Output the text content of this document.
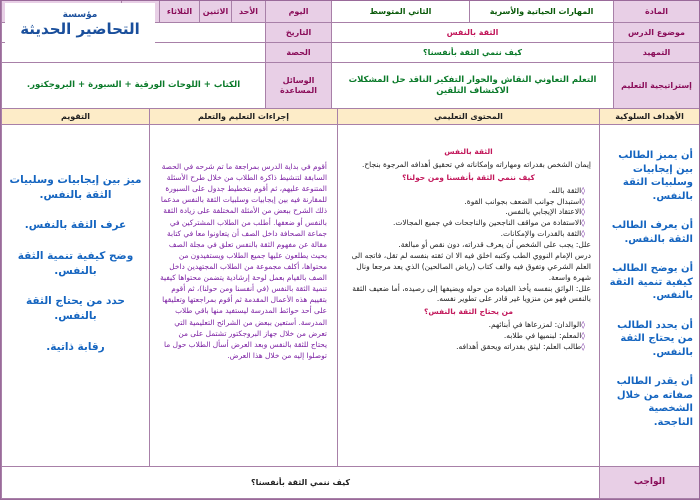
المادة
المهارات الحياتية والأسرية
الثاني المتوسط
اليوم
الأحد
الاثنين
الثلاثاء
موضوع الدرس
الثقة بالنفس
التاريخ
التمهيد
كيف ننمي الثقة بأنفسنا؟
الحصة
إستراتيجية التعليم
التعلم التعاوني النقاش والحوار التفكير الناقد حل المشكلات الاكتشاف التلقين
الوسائل المساعدة
الكتاب + اللوحات الورقية + السبورة + البروجكتور.
الأهداف السلوكية
المحتوى التعليمي
إجراءات التعليم والتعلم
التقويم

أن يميز الطالب بين إيجابيات وسلبيات الثقة بالنفس.

أن يعرف الطالب الثقة بالنفس.

أن يوضح الطالب كيفية تنمية الثقة بالنفس.

أن يحدد الطالب من يحتاج الثقة بالنفس.

أن يقدر الطالب صفاته من خلال الشخصية الناجحة.

الثقة بالنفس
إيمان الشخص بقدراته ومهاراته وإمكاناته في تحقيق أهدافه المرجوة بنجاح.
كيف ننمي الثقة بأنفسنا ومن حولنا؟
◊ الثقة بالله.
◊ استبدال جوانب الضعف بجوانب القوة.
◊ الاعتقاد الإيجابي بالنفس.
◊ الاستفادة من مواقف الناجحين والناجحات في جميع المجالات.
◊ الثقة بالقدرات والإمكانات.
علل: يجب على الشخص أن يعرف قدراته، دون نقص أو مبالغة.
درس الإمام النووي الطب وكتبه اخلق فيه الا ان ثقته بنفسه لم تقل، فاتجه الى العلم الشرعي وتفوق فيه والف كتاب (رياض الصالحين) الذي يعد مرجعا ونال شهرة واسعة.
علل: الواثق بنفسه يأخذ القيادة من حوله ويضيفها إلى رصيده، أما ضعيف الثقة بالنفس فهو من منزويا غير قادر على تطوير نفسه.
من يحتاج الثقة بالنفس؟
◊ الوالدان: لمزرعاها في أبنائهم.
◊ المعلم: لبنميها في طلابه.
◊ طالب العلم: ليثق بقدراته ويحقق أهدافه.
أقوم في بداية الدرس بمراجعة ما تم شرحه في الحصة السابقة لتنشيط ذاكرة الطلاب من خلال طرح الأسئلة المتنوعة عليهم، ثم أقوم بتخطيط جدول على السبورة للمقارنة فيه بين إيجابيات وسلبيات الثقة بالنفس مدعما ذلك الشرح ببعض من الأمثلة المختلفة على زيادة الثقة بالنفس أو ضعفها. أطلب من الطلاب المشتركين في جماعة الصحافة داخل الصف أن يتعاونوا معا في كتابة مقالة عن مفهوم الثقة بالنفس تعلق في مجلة الصف بحيث يطلعون عليها جميع الطلاب ويستفيدون من محتواها، أكلف مجموعة من الطلاب المجتهدين داخل الصف بالقيام بعمل لوحة إرشادية يتضمن محتواها كيفية تنمية الثقة بالنفس (في أنفسنا ومن حولنا)، ثم أقوم بتقييم هذه الأعمال المقدمة ثم أقوم بمراجعتها وتعليقها على أحد حوائط المدرسة ليستفيد منها باقي طلاب المدرسة. أستعين ببعض من الشرائح التعليمية التي تعرض من خلال جهاز البروجكتور تشتمل على من يحتاج للثقة بالنفس وبعد العرض أسأل الطلاب حول ما توصلوا إليه من خلال هذا العرض.

ميز بين إيجابيات وسلبيات الثقة بالنفس.

عرف الثقة بالنفس.

وضح كيفية تنمية الثقة بالنفس.

حدد من يحتاج الثقة بالنفس.

رقابة ذاتية.

الواجب
كيف ننمي الثقة بأنفسنا؟
مؤسسة
التحاضير الحديثة
